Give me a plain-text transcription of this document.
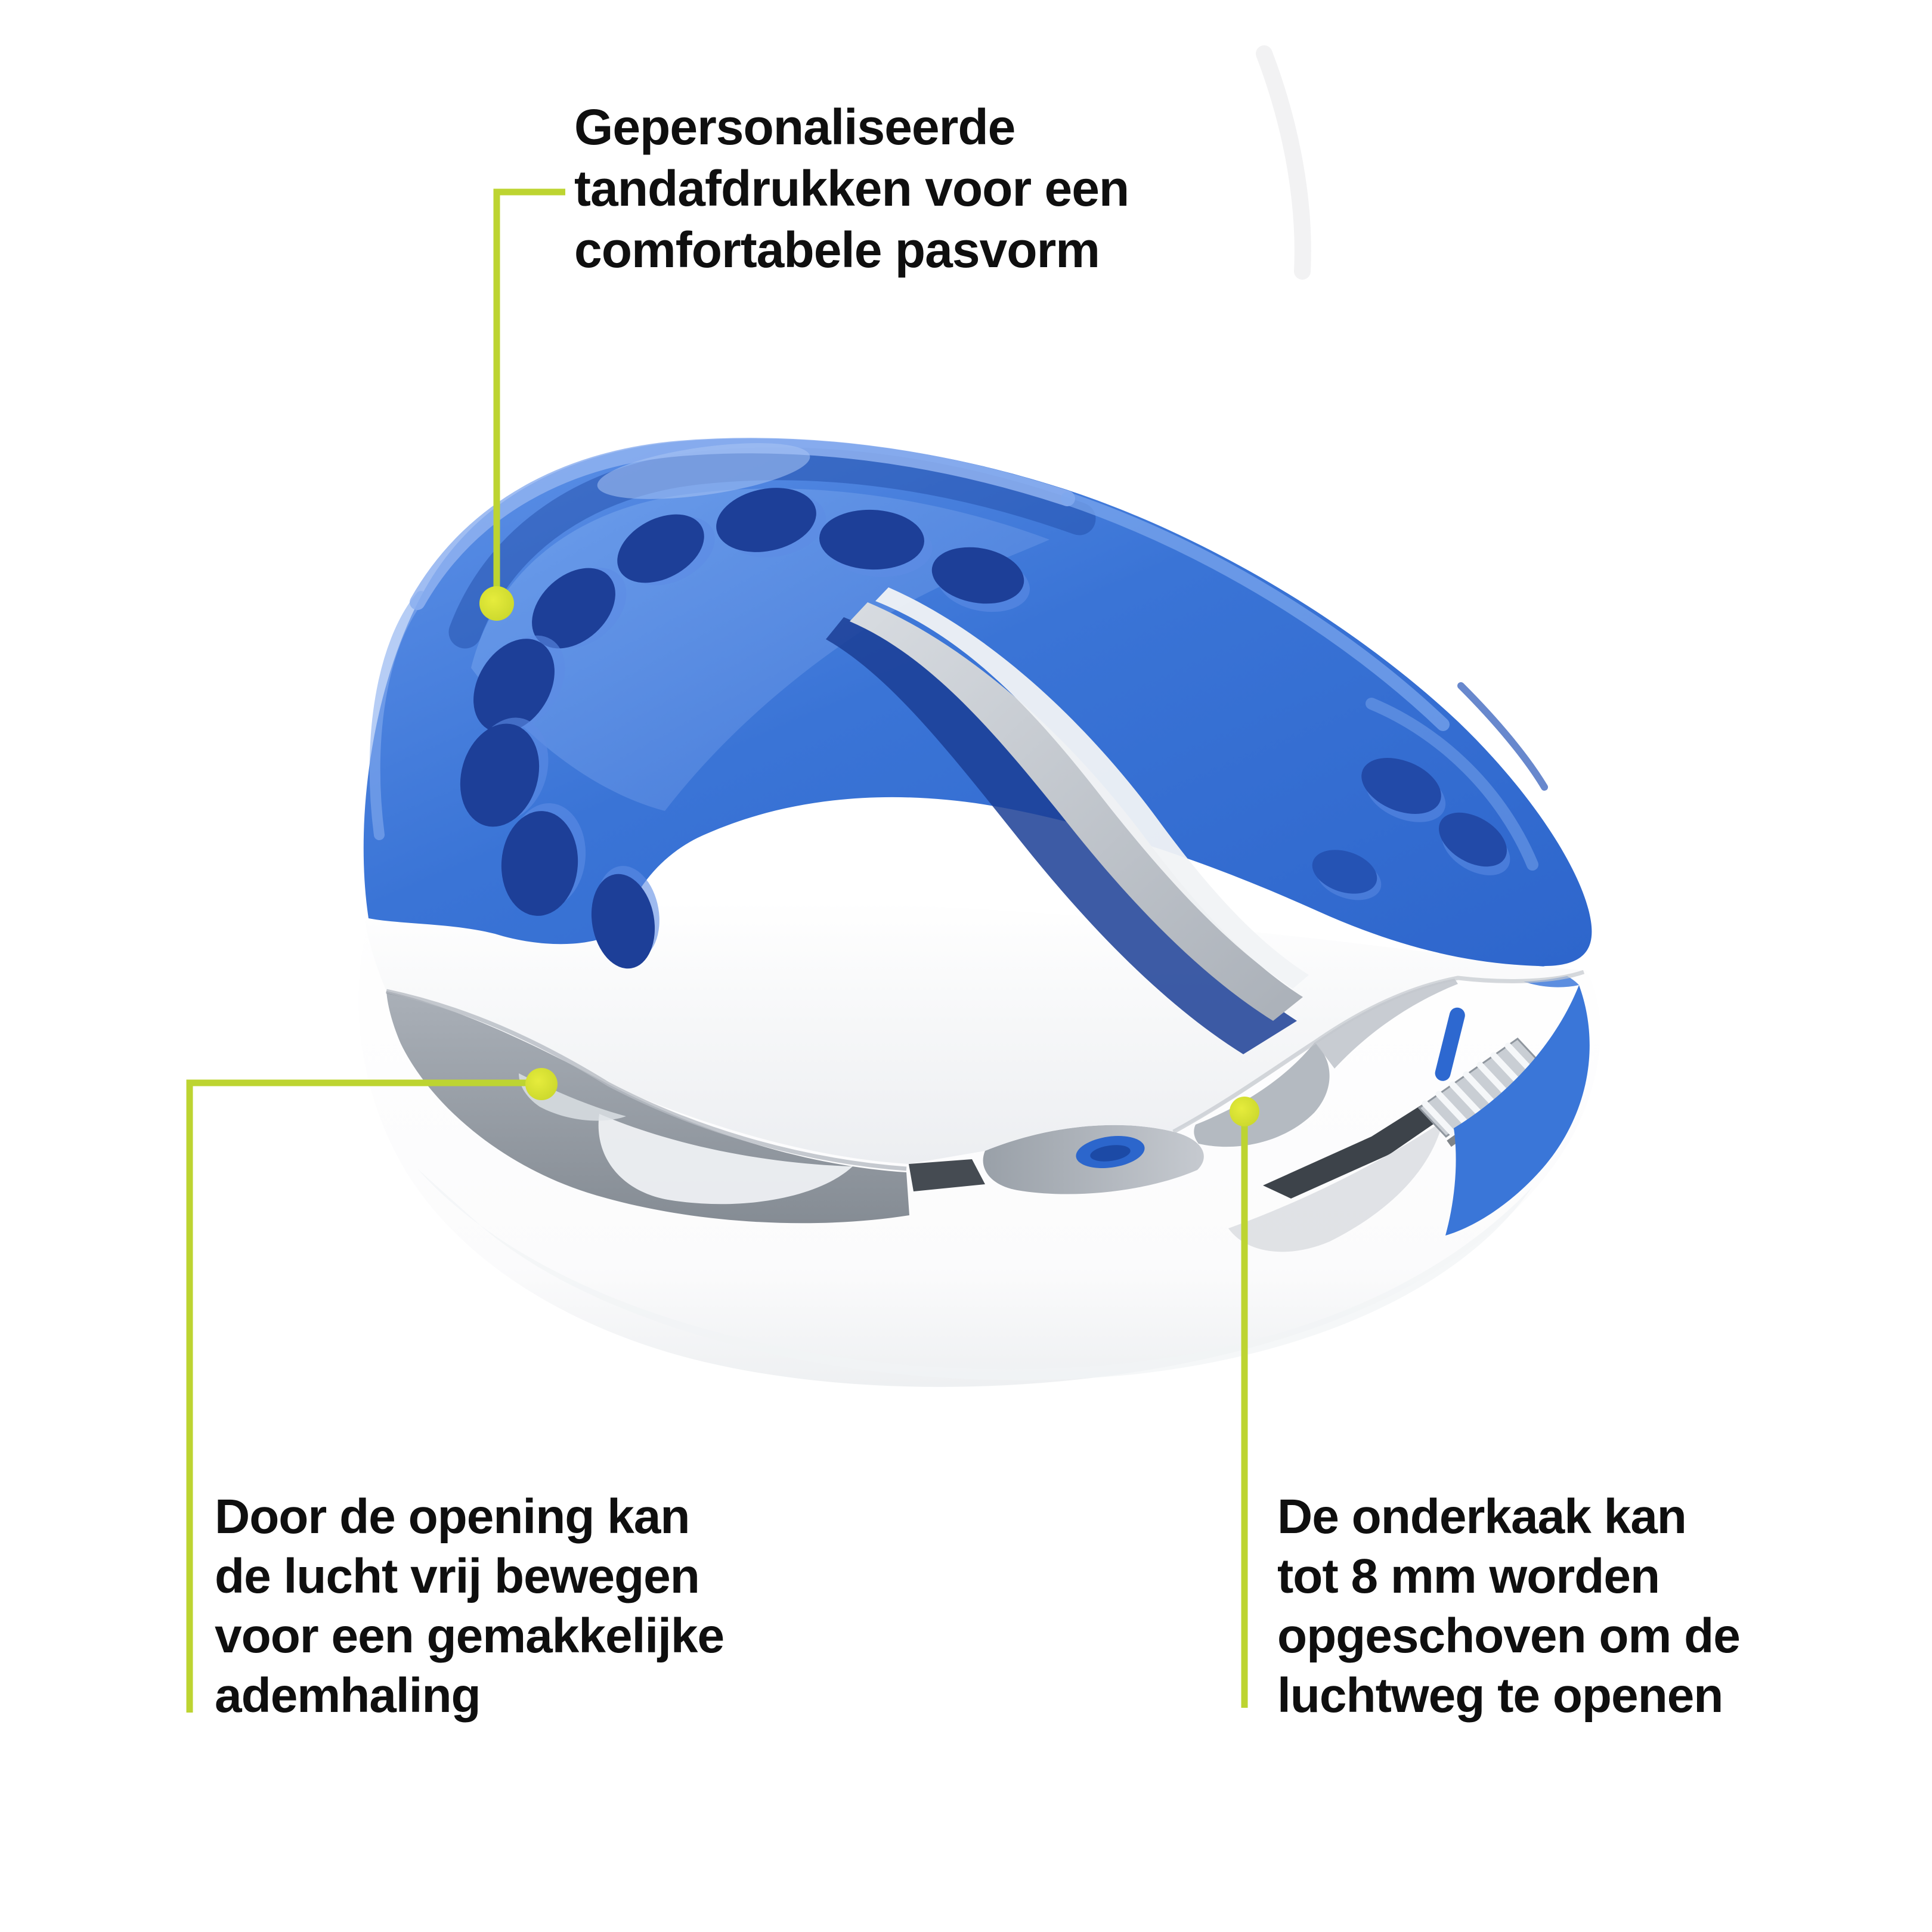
Gepersonaliseerde
tandafdrukken voor een
comfortabele pasvorm
Door de opening kan
de lucht vrij bewegen
voor een gemakkelijke
ademhaling
De onderkaak kan
tot 8 mm worden
opgeschoven om de
luchtweg te openen
